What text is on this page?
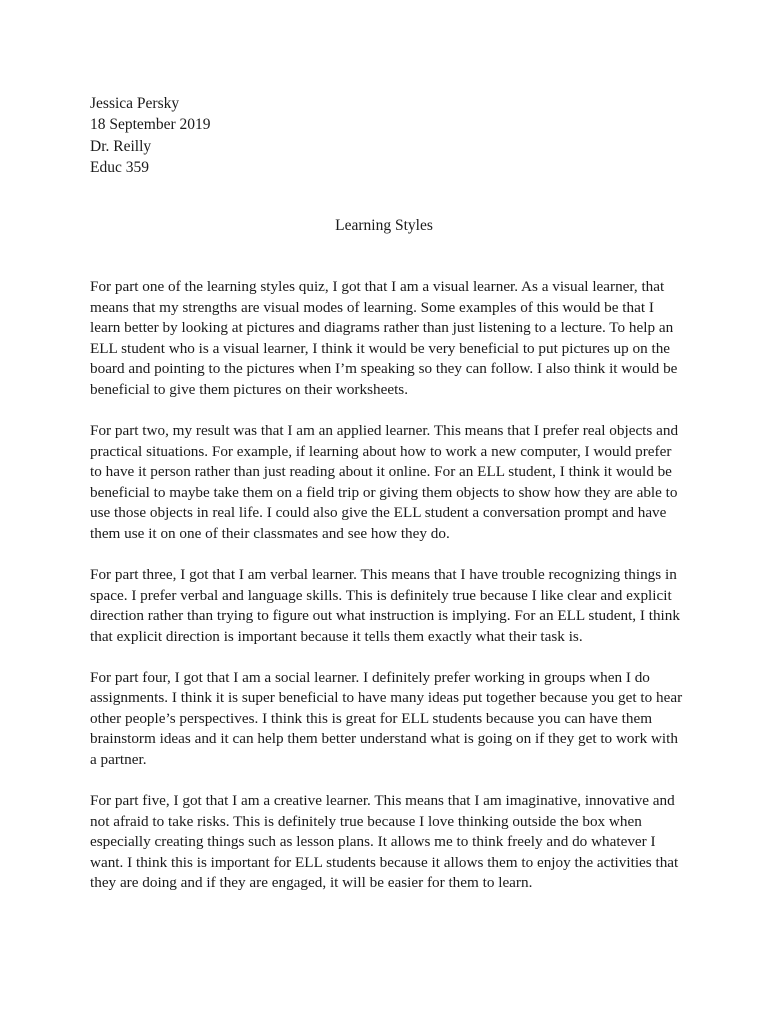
Jessica Persky
18 September 2019
Dr. Reilly
Educ 359
Learning Styles
For part one of the learning styles quiz, I got that I am a visual learner. As a visual learner, that
means that my strengths are visual modes of learning. Some examples of this would be that I
learn better by looking at pictures and diagrams rather than just listening to a lecture. To help an
ELL student who is a visual learner, I think it would be very beneficial to put pictures up on the
board and pointing to the pictures when I’m speaking so they can follow. I also think it would be
beneficial to give them pictures on their worksheets.
For part two, my result was that I am an applied learner. This means that I prefer real objects and
practical situations. For example, if learning about how to work a new computer, I would prefer
to have it person rather than just reading about it online. For an ELL student, I think it would be
beneficial to maybe take them on a field trip or giving them objects to show how they are able to
use those objects in real life. I could also give the ELL student a conversation prompt and have
them use it on one of their classmates and see how they do.
For part three, I got that I am verbal learner. This means that I have trouble recognizing things in
space. I prefer verbal and language skills. This is definitely true because I like clear and explicit
direction rather than trying to figure out what instruction is implying. For an ELL student, I think
that explicit direction is important because it tells them exactly what their task is.
For part four, I got that I am a social learner. I definitely prefer working in groups when I do
assignments. I think it is super beneficial to have many ideas put together because you get to hear
other people’s perspectives. I think this is great for ELL students because you can have them
brainstorm ideas and it can help them better understand what is going on if they get to work with
a partner.
For part five, I got that I am a creative learner. This means that I am imaginative, innovative and
not afraid to take risks. This is definitely true because I love thinking outside the box when
especially creating things such as lesson plans. It allows me to think freely and do whatever I
want. I think this is important for ELL students because it allows them to enjoy the activities that
they are doing and if they are engaged, it will be easier for them to learn.
